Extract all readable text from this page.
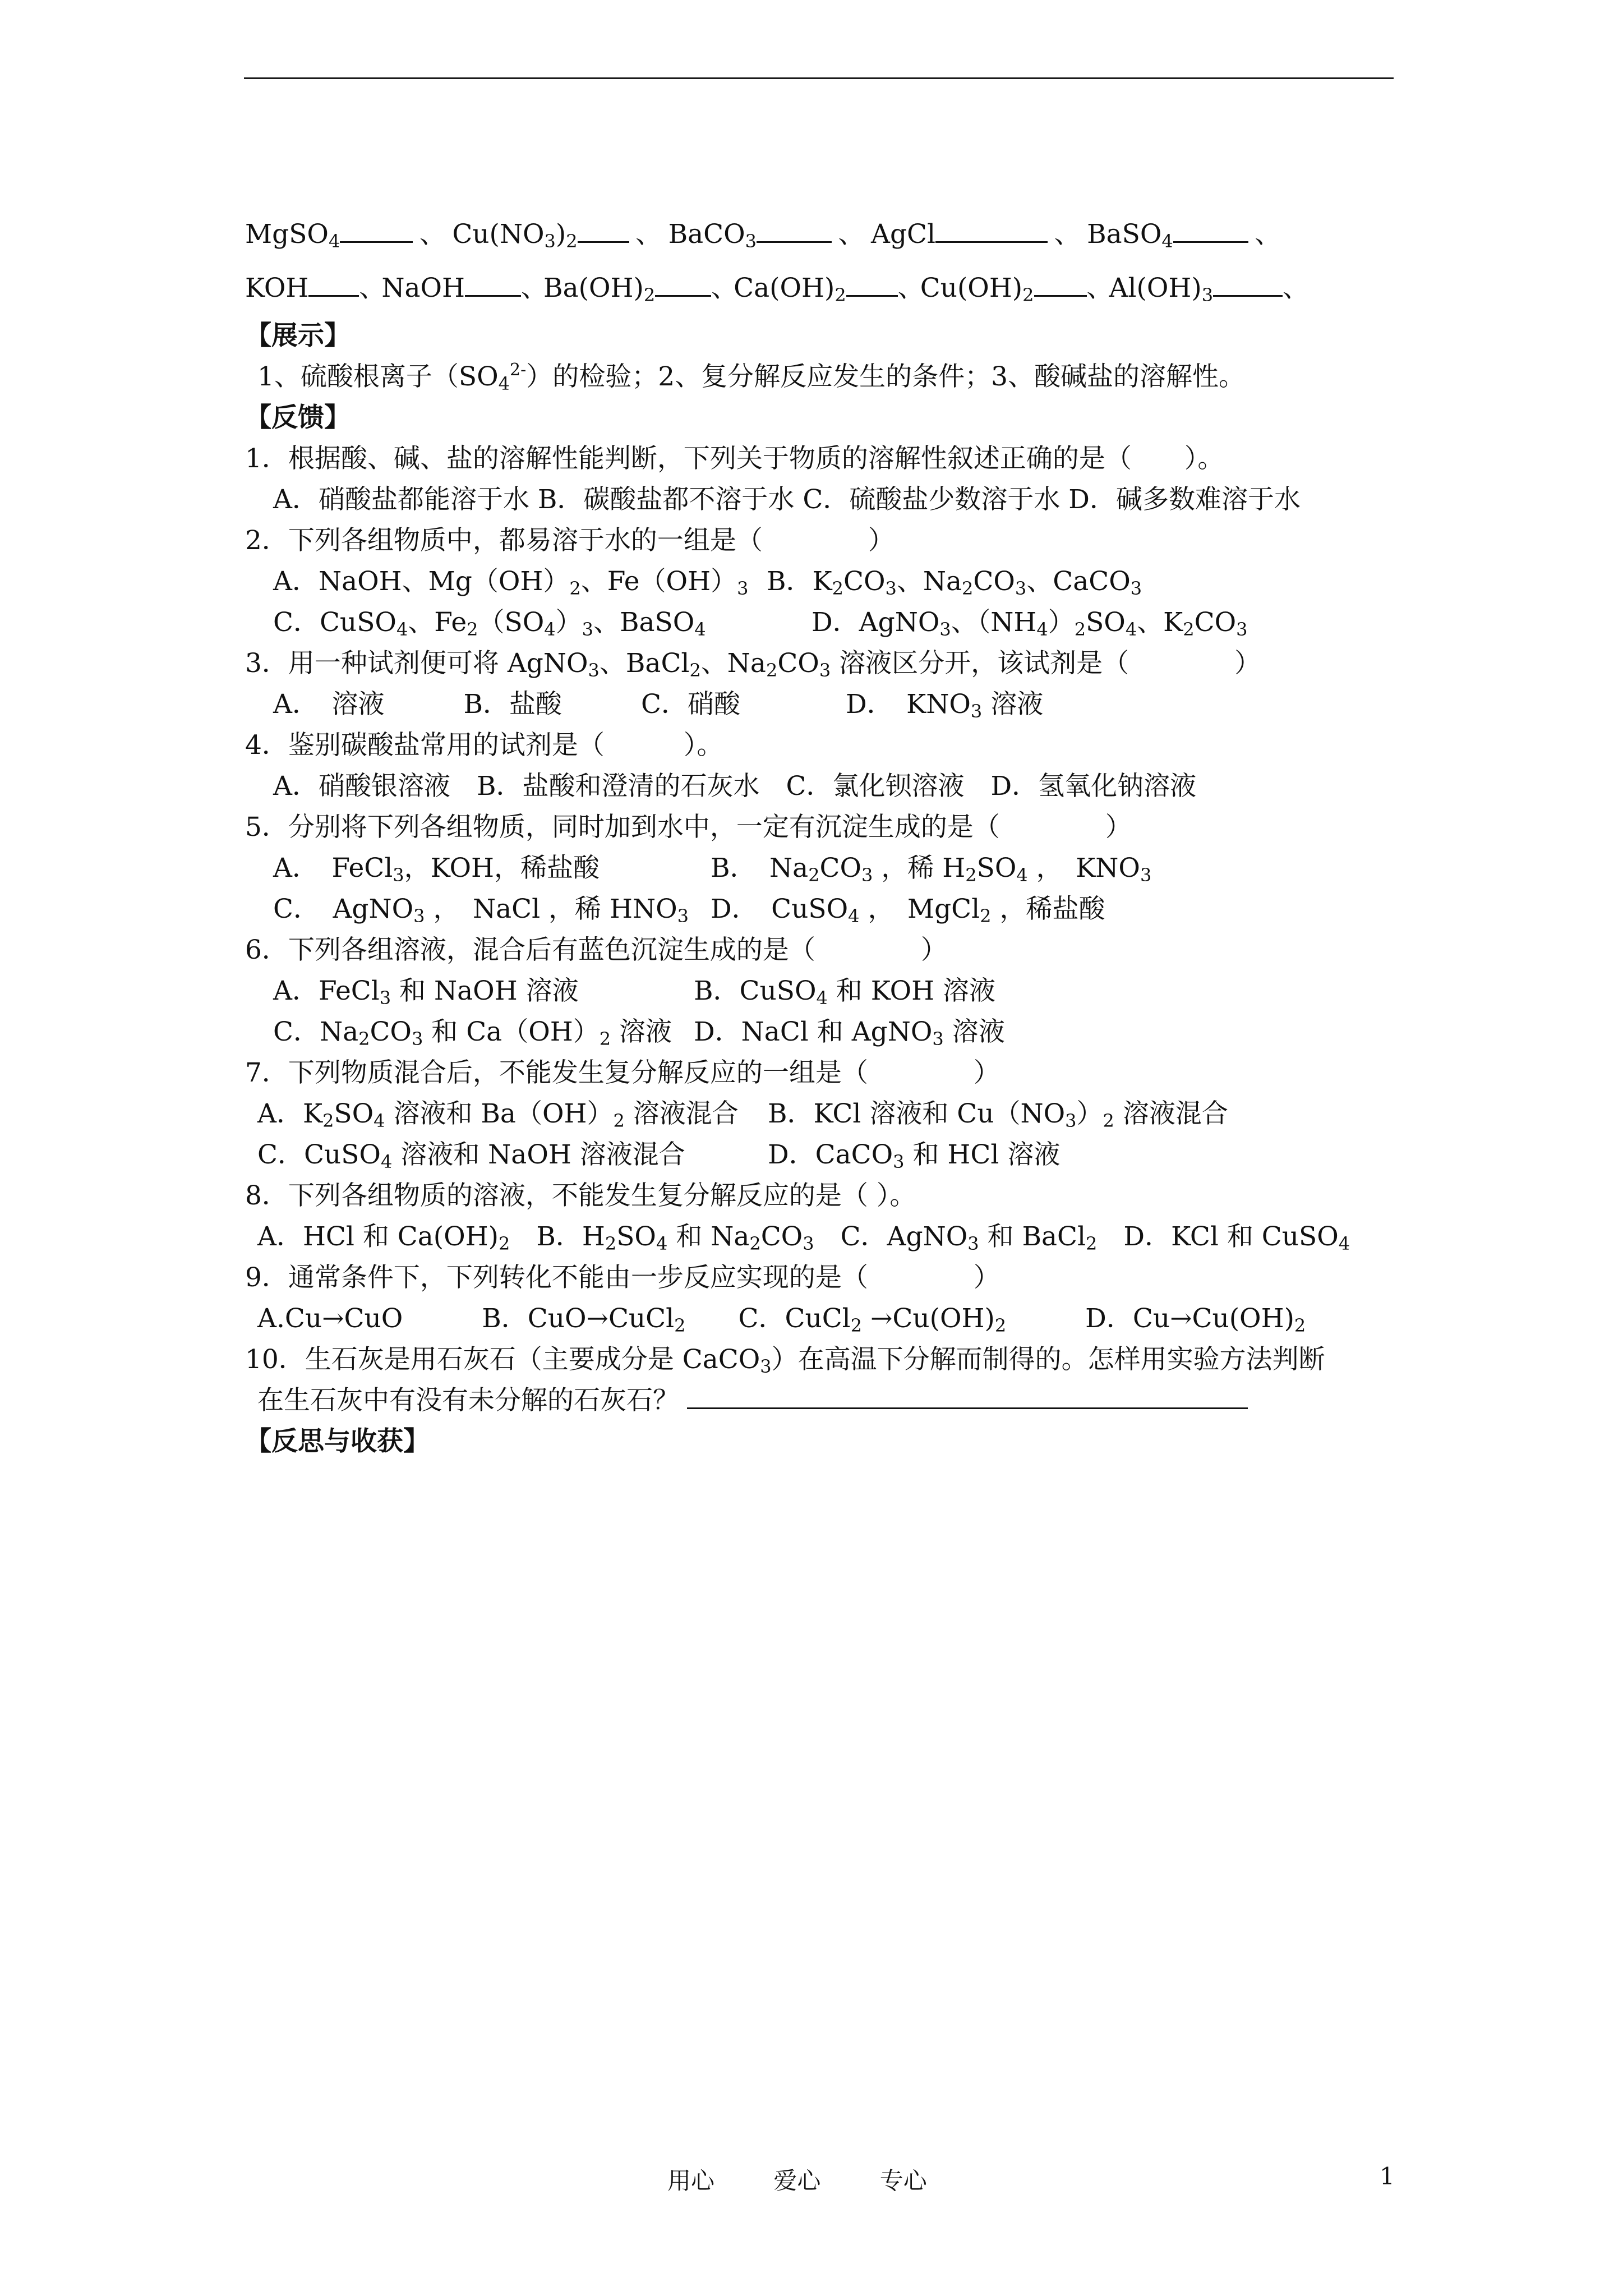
MgSO$_4$	、 $Cu(NO_3)_2$ 、 BaCO$_3$	、 AgCl	、 BaSO$_4$	、
KOH 、NaOH 、$Ba(OH)_2$ 、$Ca(OH)_2$ 、$Cu(OH)_2$ 、$Al(OH)_3$	、
【展示】
1、硫酸根离子$(SO_4^{2-})$的检验；2、复分解反应发生的条件；3、酸碱盐的溶解性。
【反馈】
1．根据酸、碱、盐的溶解性能判断，下列关于物质的溶解性叙述正确的是（　　）。
A．硝酸盐都能溶于水 B．碳酸盐都不溶于水 C．硫酸盐少数溶于水 D．碱多数难溶于水
2．下列各组物质中，都易溶于水的一组是（　　　　）
A．NaOH、$Mg(OH)_2$、$Fe(OH)_3$ B．$K_2CO_3$、$Na_2CO_3$、CaCO$_3$
C．CuSO$_4$、$Fe_2(SO_4)_3$、BaSO$_4$	D．AgNO$_3$、$(NH_4)_2SO_4$、$K_2CO_3$
3．用一种试剂便可将 AgNO$_3$、BaCl$_2$、$Na_2CO_3$ 溶液区分开，该试剂是（　　　　）
A．　溶液　　　B．盐酸　　　C．硝酸　　　　D．　$KNO_3$ 溶液
4．鉴别碳酸盐常用的试剂是（　　　）。
A．硝酸银溶液　B．盐酸和澄清的石灰水　C．氯化钡溶液　D．氢氧化钠溶液
5．分别将下列各组物质，同时加到水中，一定有沉淀生成的是（　　　　）
A．　FeCl$_3$，KOH，稀盐酸	B．　$Na_2CO_3$ ，稀 $H_2SO_4$ ，　$KNO_3$
C．　AgNO$_3$ ，　NaCl ，稀 $HNO_3$ D．　CuSO$_4$ ，　MgCl$_2$ ，稀盐酸
6．下列各组溶液，混合后有蓝色沉淀生成的是（　　　　）
A．FeCl$_3$ 和 NaOH 溶液	B．CuSO$_4$ 和 KOH 溶液
C．$Na_2CO_3$ 和 $Ca(OH)_2$ 溶液 D．NaCl 和 AgNO$_3$ 溶液
7．下列物质混合后，不能发生复分解反应的一组是（　　　　）
A．$K_2SO_4$ 溶液和 $Ba(OH)_2$ 溶液混合 B．KCl 溶液和 $Cu(NO_3)_2$ 溶液混合
C．CuSO$_4$ 溶液和 NaOH 溶液混合	D．CaCO$_3$ 和 HCl 溶液
8．下列各组物质的溶液，不能发生复分解反应的是（ ）。
A．HCl 和 $Ca(OH)_2$　B．$H_2SO_4$ 和 $Na_2CO_3$　C．AgNO$_3$ 和 BaCl$_2$　D．KCl 和 CuSO$_4$
9．通常条件下，下列转化不能由一步反应实现的是（　　　　）
A.Cu→CuO　　　B．CuO→CuCl$_2$　　C．CuCl$_2$ $\to Cu(OH)_2$　　　D．$Cu\to Cu(OH)_2$
10．生石灰是用石灰石（主要成分是 CaCO$_3$）在高温下分解而制得的。怎样用实验方法判断
在生石灰中有没有未分解的石灰石？
【反思与收获】
用心	爱心	专心	1
